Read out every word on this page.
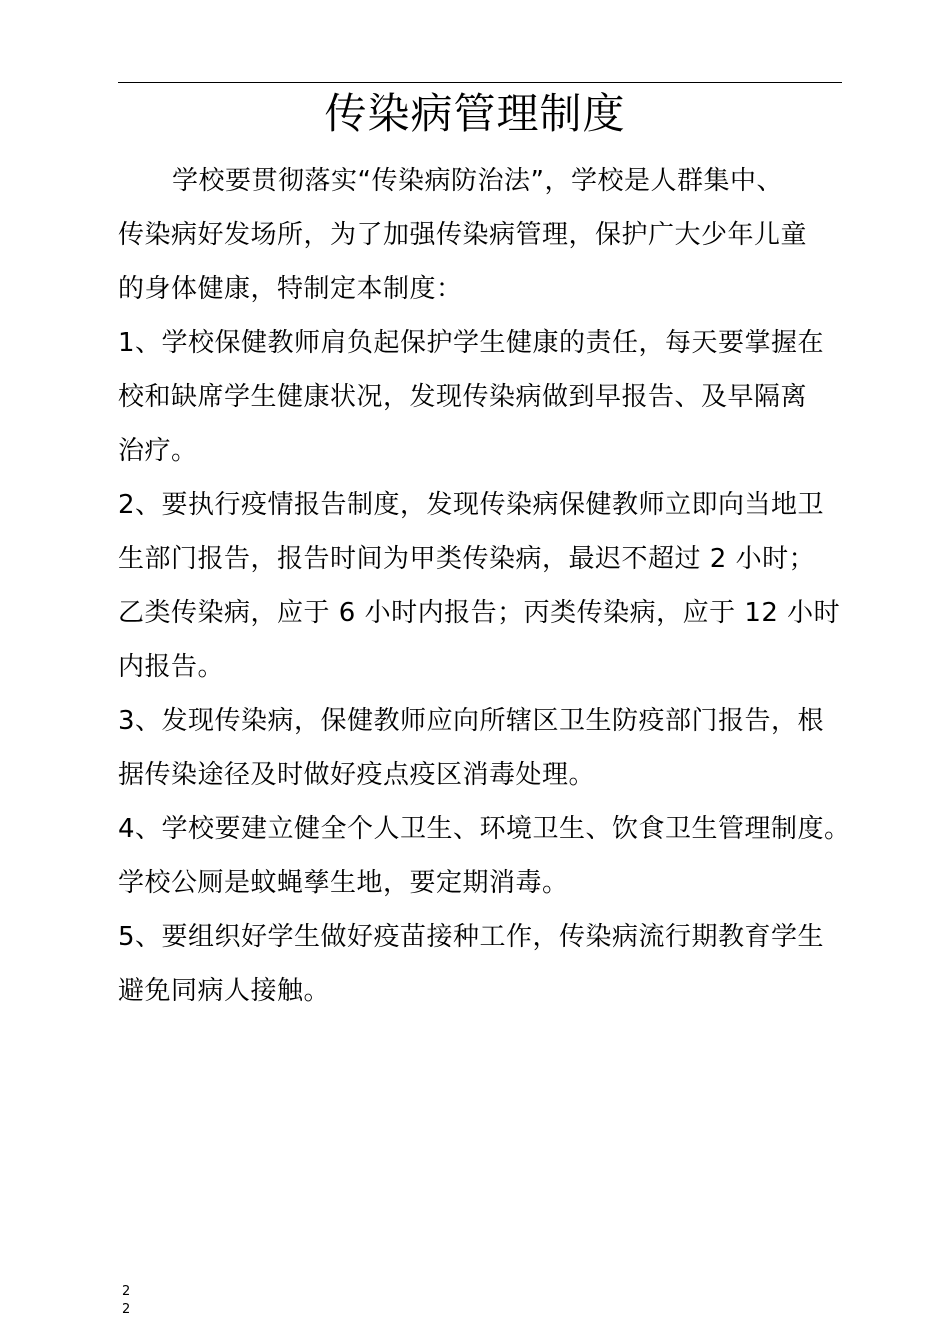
传染病管理制度
学校要贯彻落实“传染病防治法”，学校是人群集中、
传染病好发场所，为了加强传染病管理，保护广大少年儿童
的身体健康，特制定本制度：
1、学校保健教师肩负起保护学生健康的责任，每天要掌握在
校和缺席学生健康状况，发现传染病做到早报告、及早隔离
治疗。
2、要执行疫情报告制度，发现传染病保健教师立即向当地卫
生部门报告，报告时间为甲类传染病，最迟不超过 2 小时；
乙类传染病，应于 6 小时内报告；丙类传染病，应于 12 小时
内报告。
3、发现传染病，保健教师应向所辖区卫生防疫部门报告，根
据传染途径及时做好疫点疫区消毒处理。
4、学校要建立健全个人卫生、环境卫生、饮食卫生管理制度。
学校公厕是蚊蝇孳生地，要定期消毒。
5、要组织好学生做好疫苗接种工作，传染病流行期教育学生
避免同病人接触。
2
2
